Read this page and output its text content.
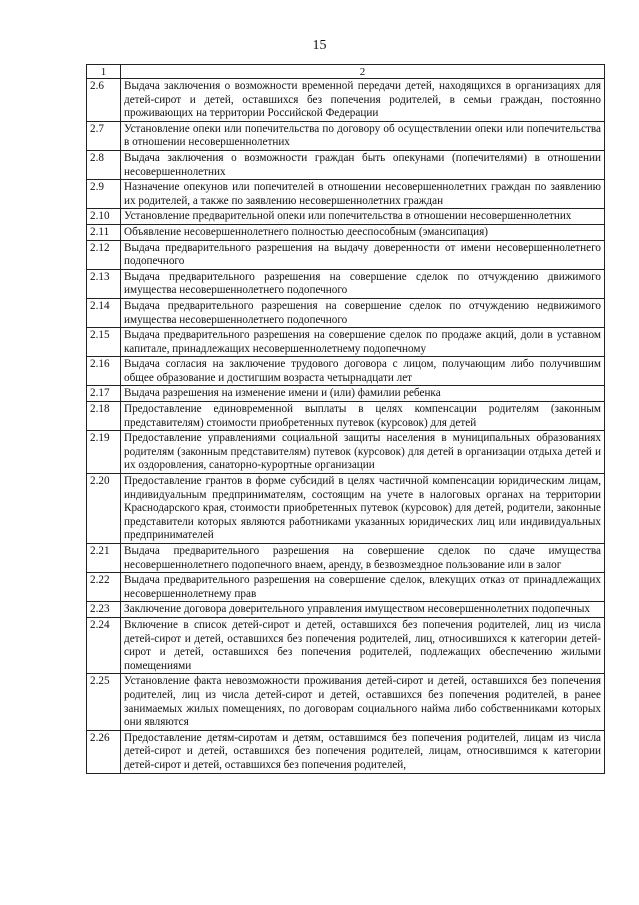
15
1	2
2.6	Выдача заключения о возможности временной передачи детей, находящихся в организациях для детей-сирот и детей, оставшихся без попечения родителей, в семьи граждан, постоянно проживающих на территории Российской Федерации
2.7	Установление опеки или попечительства по договору об осуществлении опеки или попечительства в отношении несовершеннолетних
2.8	Выдача заключения о возможности граждан быть опекунами (попечителями) в отношении несовершеннолетних
2.9	Назначение опекунов или попечителей в отношении несовершеннолетних граждан по заявлению их родителей, а также по заявлению несовершеннолетних граждан
2.10	Установление предварительной опеки или попечительства в отношении несовершеннолетних
2.11	Объявление несовершеннолетнего полностью дееспособным (эмансипация)
2.12	Выдача предварительного разрешения на выдачу доверенности от имени несовершеннолетнего подопечного
2.13	Выдача предварительного разрешения на совершение сделок по отчуждению движимого имущества несовершеннолетнего подопечного
2.14	Выдача предварительного разрешения на совершение сделок по отчуждению недвижимого имущества несовершеннолетнего подопечного
2.15	Выдача предварительного разрешения на совершение сделок по продаже акций, доли в уставном капитале, принадлежащих несовершеннолетнему подопечному
2.16	Выдача согласия на заключение трудового договора с лицом, получающим либо получившим общее образование и достигшим возраста четырнадцати лет
2.17	Выдача разрешения на изменение имени и (или) фамилии ребенка
2.18	Предоставление единовременной выплаты в целях компенсации родителям (законным представителям) стоимости приобретенных путевок (курсовок) для детей
2.19	Предоставление управлениями социальной защиты населения в муниципальных образованиях родителям (законным представителям) путевок (курсовок) для детей в организации отдыха детей и их оздоровления, санаторно-курортные организации
2.20	Предоставление грантов в форме субсидий в целях частичной компенсации юридическим лицам, индивидуальным предпринимателям, состоящим на учете в налоговых органах на территории Краснодарского края, стоимости приобретенных путевок (курсовок) для детей, родители, законные представители которых являются работниками указанных юридических лиц или индивидуальных предпринимателей
2.21	Выдача предварительного разрешения на совершение сделок по сдаче имущества несовершеннолетнего подопечного внаем, аренду, в безвозмездное пользование или в залог
2.22	Выдача предварительного разрешения на совершение сделок, влекущих отказ от принадлежащих несовершеннолетнему прав
2.23	Заключение договора доверительного управления имуществом несовершеннолетних подопечных
2.24	Включение в список детей-сирот и детей, оставшихся без попечения родителей, лиц из числа детей-сирот и детей, оставшихся без попечения родителей, лиц, относившихся к категории детей-сирот и детей, оставшихся без попечения родителей, подлежащих обеспечению жилыми помещениями
2.25	Установление факта невозможности проживания детей-сирот и детей, оставшихся без попечения родителей, лиц из числа детей-сирот и детей, оставшихся без попечения родителей, в ранее занимаемых жилых помещениях, по договорам социального найма либо собственниками которых они являются
2.26	Предоставление детям-сиротам и детям, оставшимся без попечения родителей, лицам из числа детей-сирот и детей, оставшихся без попечения родителей, лицам, относившимся к категории детей-сирот и детей, оставшихся без попечения родителей,
